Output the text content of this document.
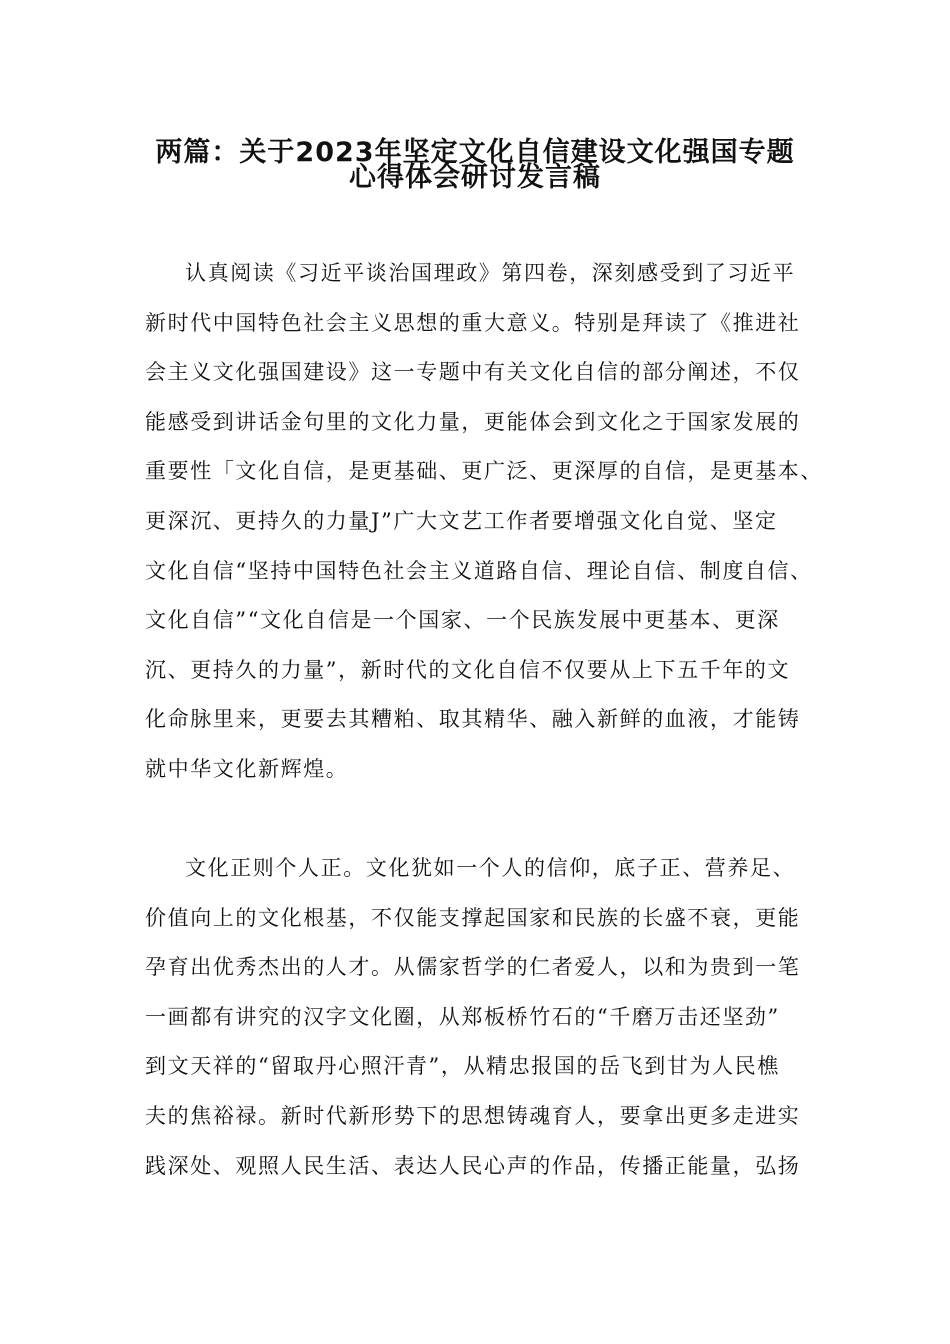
两篇：关于2023年坚定文化自信建设文化强国专题
心得体会研讨发言稿
认真阅读《习近平谈治国理政》第四卷，深刻感受到了习近平
新时代中国特色社会主义思想的重大意义。特别是拜读了《推进社
会主义文化强国建设》这一专题中有关文化自信的部分阐述，不仅
能感受到讲话金句里的文化力量，更能体会到文化之于国家发展的
重要性「文化自信，是更基础、更广泛、更深厚的自信，是更基本、
更深沉、更持久的力量J”广大文艺工作者要增强文化自觉、坚定
文化自信“坚持中国特色社会主义道路自信、理论自信、制度自信、
文化自信”“文化自信是一个国家、一个民族发展中更基本、更深
沉、更持久的力量”，新时代的文化自信不仅要从上下五千年的文
化命脉里来，更要去其糟粕、取其精华、融入新鲜的血液，才能铸
就中华文化新辉煌。
文化正则个人正。文化犹如一个人的信仰，底子正、营养足、
价值向上的文化根基，不仅能支撑起国家和民族的长盛不衰，更能
孕育出优秀杰出的人才。从儒家哲学的仁者爱人，以和为贵到一笔
一画都有讲究的汉字文化圈，从郑板桥竹石的“千磨万击还坚劲”
到文天祥的“留取丹心照汗青”，从精忠报国的岳飞到甘为人民樵
夫的焦裕禄。新时代新形势下的思想铸魂育人，要拿出更多走进实
践深处、观照人民生活、表达人民心声的作品，传播正能量，弘扬
